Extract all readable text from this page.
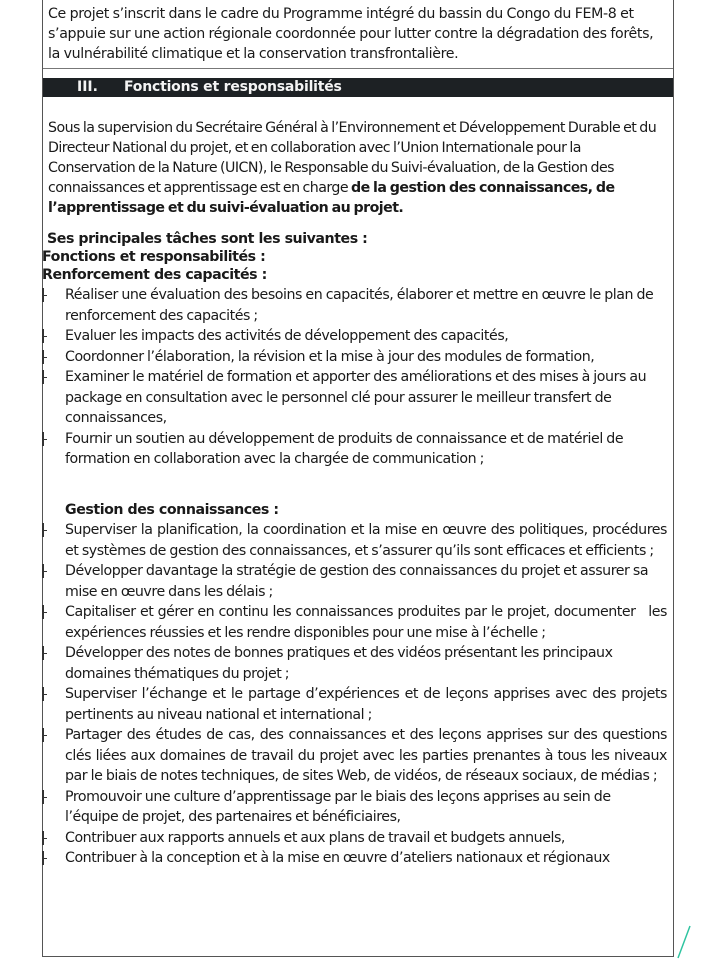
Ce projet s’inscrit dans le cadre du Programme intégré du bassin du Congo du FEM-8 et s’appuie sur une action régionale coordonnée pour lutter contre la dégradation des forêts, la vulnérabilité climatique et la conservation transfrontalière.
III. Fonctions et responsabilités
Sous la supervision du Secrétaire Général à l’Environnement et Développement Durable et du Directeur National du projet, et en collaboration avec l’Union Internationale pour la Conservation de la Nature (UICN), le Responsable du Suivi-évaluation, de la Gestion des connaissances et apprentissage est en charge de la gestion des connaissances, de l’apprentissage et du suivi-évaluation au projet.
Ses principales tâches sont les suivantes :
Fonctions et responsabilités :
Renforcement des capacités :
Réaliser une évaluation des besoins en capacités, élaborer et mettre en œuvre le plan de renforcement des capacités ;
Evaluer les impacts des activités de développement des capacités,
Coordonner l’élaboration, la révision et la mise à jour des modules de formation,
Examiner le matériel de formation et apporter des améliorations et des mises à jours au package en consultation avec le personnel clé pour assurer le meilleur transfert de connaissances,
Fournir un soutien au développement de produits de connaissance et de matériel de formation en collaboration avec la chargée de communication ;
Gestion des connaissances :
Superviser la planification, la coordination et la mise en œuvre des politiques, procédures et systèmes de gestion des connaissances, et s’assurer qu’ils sont efficaces et efficients ;
Développer davantage la stratégie de gestion des connaissances du projet et assurer sa mise en œuvre dans les délais ;
Capitaliser et gérer en continu les connaissances produites par le projet, documenter   les expériences réussies et les rendre disponibles pour une mise à l’échelle ;
Développer des notes de bonnes pratiques et des vidéos présentant les principaux domaines thématiques du projet ;
Superviser l’échange et le partage d’expériences et de leçons apprises avec des projets pertinents au niveau national et international ;
Partager des études de cas, des connaissances et des leçons apprises sur des questions clés liées aux domaines de travail du projet avec les parties prenantes à tous les niveaux par le biais de notes techniques, de sites Web, de vidéos, de réseaux sociaux, de médias ;
Promouvoir une culture d’apprentissage par le biais des leçons apprises au sein de l’équipe de projet, des partenaires et bénéficiaires,
Contribuer aux rapports annuels et aux plans de travail et budgets annuels,
Contribuer à la conception et à la mise en œuvre d’ateliers nationaux et régionaux
